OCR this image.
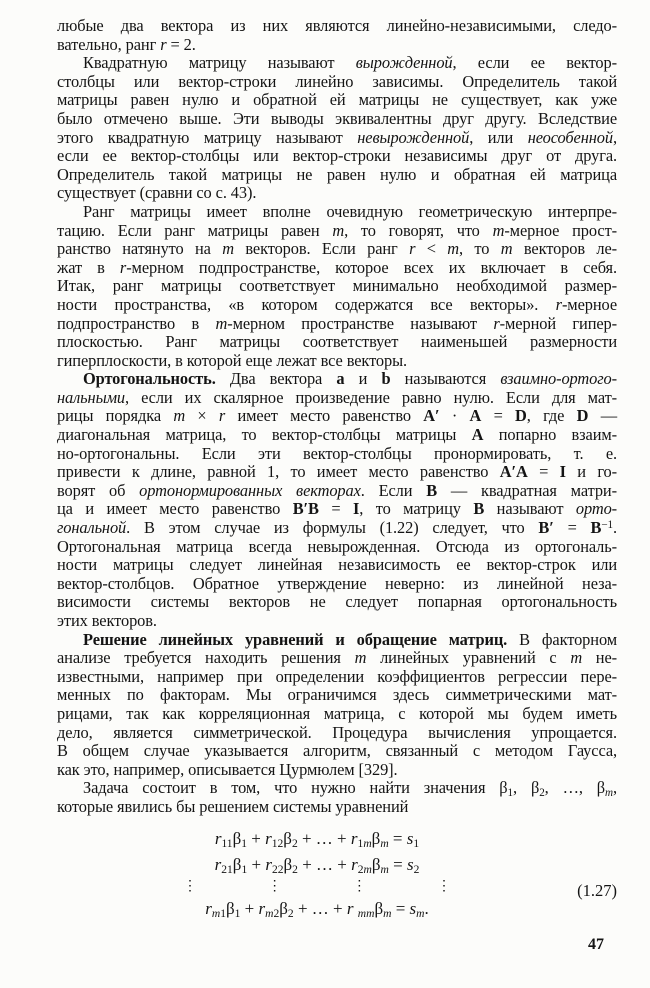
любые два вектора из них являются линейно-независимыми, следо-
вательно, ранг r = 2.
Квадратную матрицу называют вырожденной, если ее вектор-
столбцы или вектор-строки линейно зависимы. Определитель такой
матрицы равен нулю и обратной ей матрицы не существует, как уже
было отмечено выше. Эти выводы эквивалентны друг другу. Вследствие
этого квадратную матрицу называют невырожденной, или неособенной,
если ее вектор-столбцы или вектор-строки независимы друг от друга.
Определитель такой матрицы не равен нулю и обратная ей матрица
существует (сравни со с. 43).
Ранг матрицы имеет вполне очевидную геометрическую интерпре-
тацию. Если ранг матрицы равен m, то говорят, что m-мерное прост-
ранство натянуто на m векторов. Если ранг r < m, то m векторов ле-
жат в r-мерном подпространстве, которое всех их включает в себя.
Итак, ранг матрицы соответствует минимально необходимой размер-
ности пространства, «в котором содержатся все векторы». r-мерное
подпространство в m-мерном пространстве называют r-мерной гипер-
плоскостью. Ранг матрицы соответствует наименьшей размерности
гиперплоскости, в которой еще лежат все векторы.
Ортогональность. Два вектора a и b называются взаимно-ортого-
нальными, если их скалярное произведение равно нулю. Если для мат-
рицы порядка m × r имеет место равенство А′ · А = D, где D —
диагональная матрица, то вектор-столбцы матрицы А попарно взаим-
но-ортогональны. Если эти вектор-столбцы пронормировать, т. е.
привести к длине, равной 1, то имеет место равенство А′А = I и го-
ворят об ортонормированных векторах. Если В — квадратная матри-
ца и имеет место равенство В′В = I, то матрицу В называют орто-
гональной. В этом случае из формулы (1.22) следует, что $В' = В^{-1}$.
Ортогональная матрица всегда невырожденная. Отсюда из ортогональ-
ности матрицы следует линейная независимость ее вектор-строк или
вектор-столбцов. Обратное утверждение неверно: из линейной неза-
висимости системы векторов не следует попарная ортогональность
этих векторов.
Решение линейных уравнений и обращение матриц. В факторном
анализе требуется находить решения m линейных уравнений с m не-
известными, например при определении коэффициентов регрессии пере-
менных по факторам. Мы ограничимся здесь симметрическими мат-
рицами, так как корреляционная матрица, с которой мы будем иметь
дело, является симметрической. Процедура вычисления упрощается.
В общем случае указывается алгоритм, связанный с методом Гаусса,
как это, например, описывается Цурмюлем [329].
Задача состоит в том, что нужно найти значения $\beta_1$, $\beta_2$, …, $\beta_m$,
которые явились бы решением системы уравнений
$r_{11}\beta_1 + r_{12}\beta_2$ + … + $r_{1m}\beta_m = s_1$
$r_{21}\beta_1 + r_{22}\beta_2$ + … + $r_{2m}\beta_m = s_2$
⋮	⋮	⋮	⋮
$r_{m1}\beta_1 + r_{m2}\beta_2$ + … + r $_{mm}\beta_m = s_m$.
(1.27)
47
